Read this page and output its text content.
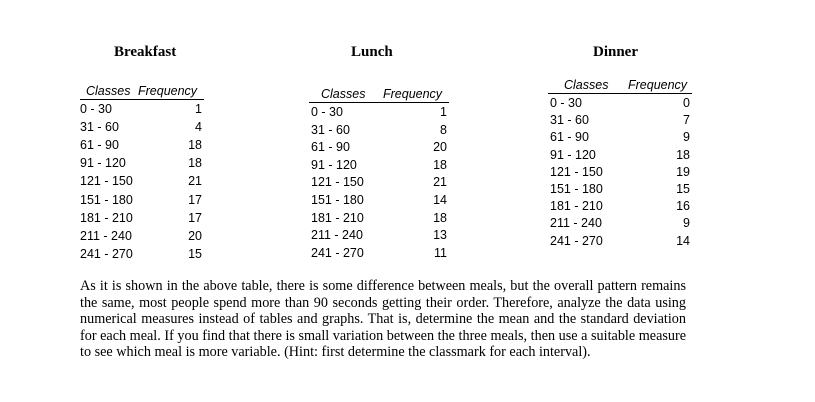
Breakfast	Lunch	Dinner
Classes Frequency
0 - 30	1
31 - 60	4
61 - 90	18
91 - 120	18
121 - 150	21
151 - 180	17
181 - 210	17
211 - 240	20
241 - 270	15
Classes Frequency
0 - 30	1
31 - 60	8
61 - 90	20
91 - 120	18
121 - 150	21
151 - 180	14
181 - 210	18
211 - 240	13
241 - 270	11
Classes Frequency
0 - 30	0
31 - 60	7
61 - 90	9
91 - 120	18
121 - 150	19
151 - 180	15
181 - 210	16
211 - 240	9
241 - 270	14
As it is shown in the above table, there is some difference between meals, but the overall pattern remains the same, most people spend more than 90 seconds getting their order. Therefore, analyze the data using numerical measures instead of tables and graphs. That is, determine the mean and the standard deviation for each meal. If you find that there is small variation between the three meals, then use a suitable measure to see which meal is more variable. (Hint: first determine the classmark for each interval).
